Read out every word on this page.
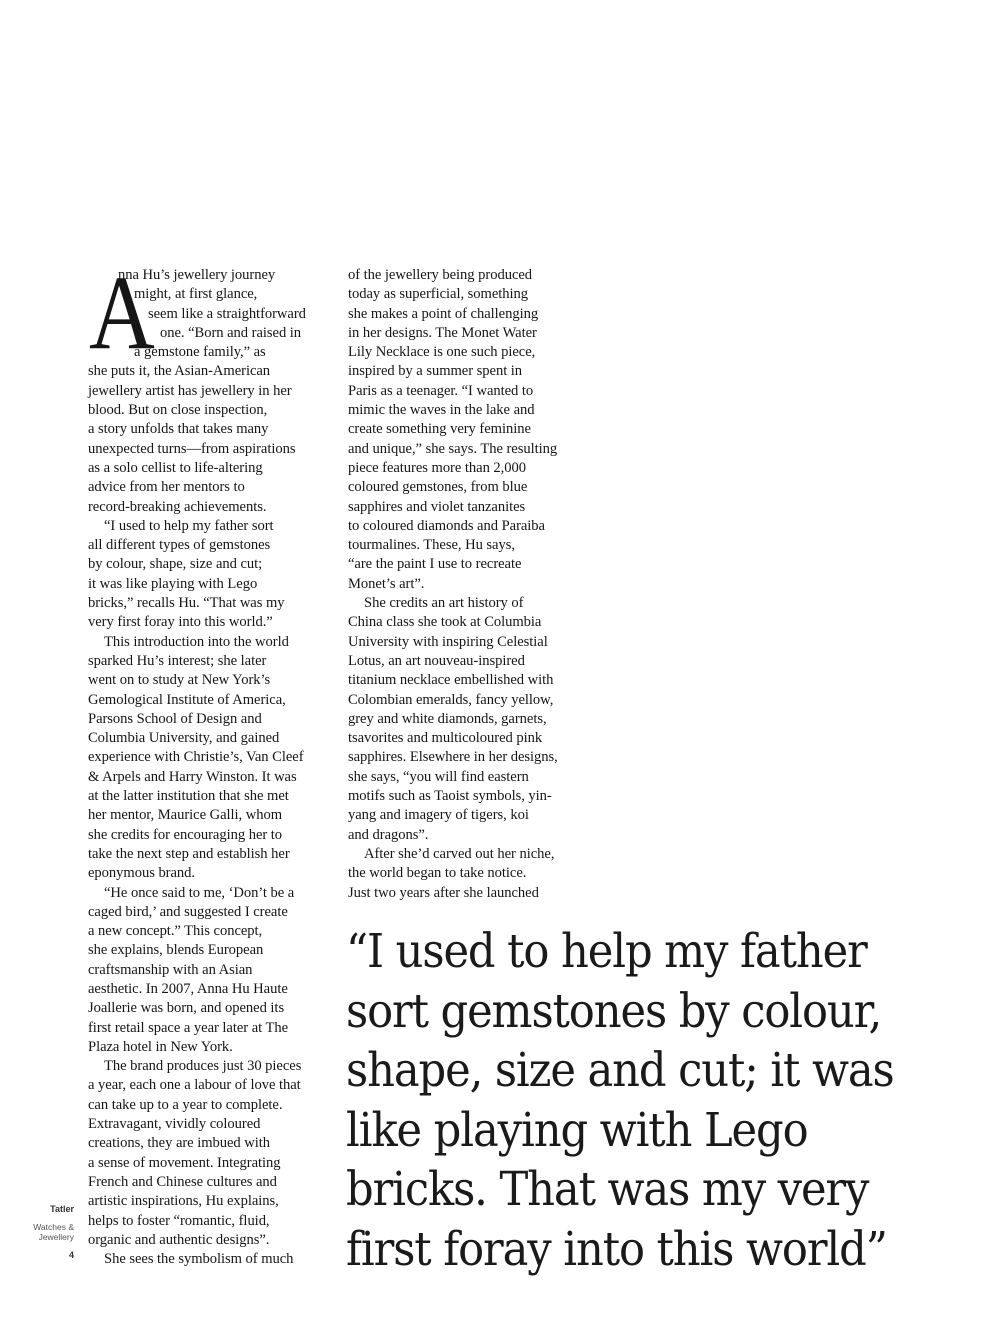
A
nna Hu’s jewellery journey
might, at first glance,
seem like a straightforward
one. “Born and raised in
a gemstone family,” as
she puts it, the Asian-American
jewellery artist has jewellery in her
blood. But on close inspection,
a story unfolds that takes many
unexpected turns—from aspirations
as a solo cellist to life-altering
advice from her mentors to
record-breaking achievements.
“I used to help my father sort
all different types of gemstones
by colour, shape, size and cut;
it was like playing with Lego
bricks,” recalls Hu. “That was my
very first foray into this world.”
This introduction into the world
sparked Hu’s interest; she later
went on to study at New York’s
Gemological Institute of America,
Parsons School of Design and
Columbia University, and gained
experience with Christie’s, Van Cleef
& Arpels and Harry Winston. It was
at the latter institution that she met
her mentor, Maurice Galli, whom
she credits for encouraging her to
take the next step and establish her
eponymous brand.
“He once said to me, ‘Don’t be a
caged bird,’ and suggested I create
a new concept.” This concept,
she explains, blends European
craftsmanship with an Asian
aesthetic. In 2007, Anna Hu Haute
Joallerie was born, and opened its
first retail space a year later at The
Plaza hotel in New York.
The brand produces just 30 pieces
a year, each one a labour of love that
can take up to a year to complete.
Extravagant, vividly coloured
creations, they are imbued with
a sense of movement. Integrating
French and Chinese cultures and
artistic inspirations, Hu explains,
helps to foster “romantic, fluid,
organic and authentic designs”.
She sees the symbolism of much
of the jewellery being produced
today as superficial, something
she makes a point of challenging
in her designs. The Monet Water
Lily Necklace is one such piece,
inspired by a summer spent in
Paris as a teenager. “I wanted to
mimic the waves in the lake and
create something very feminine
and unique,” she says. The resulting
piece features more than 2,000
coloured gemstones, from blue
sapphires and violet tanzanites
to coloured diamonds and Paraiba
tourmalines. These, Hu says,
“are the paint I use to recreate
Monet’s art”.
She credits an art history of
China class she took at Columbia
University with inspiring Celestial
Lotus, an art nouveau-inspired
titanium necklace embellished with
Colombian emeralds, fancy yellow,
grey and white diamonds, garnets,
tsavorites and multicoloured pink
sapphires. Elsewhere in her designs,
she says, “you will find eastern
motifs such as Taoist symbols, yin-
yang and imagery of tigers, koi
and dragons”.
After she’d carved out her niche,
the world began to take notice.
Just two years after she launched
“I used to help my father
sort gemstones by colour,
shape, size and cut; it was
like playing with Lego
bricks. That was my very
first foray into this world”
Tatler
Watches &
Jewellery
4
